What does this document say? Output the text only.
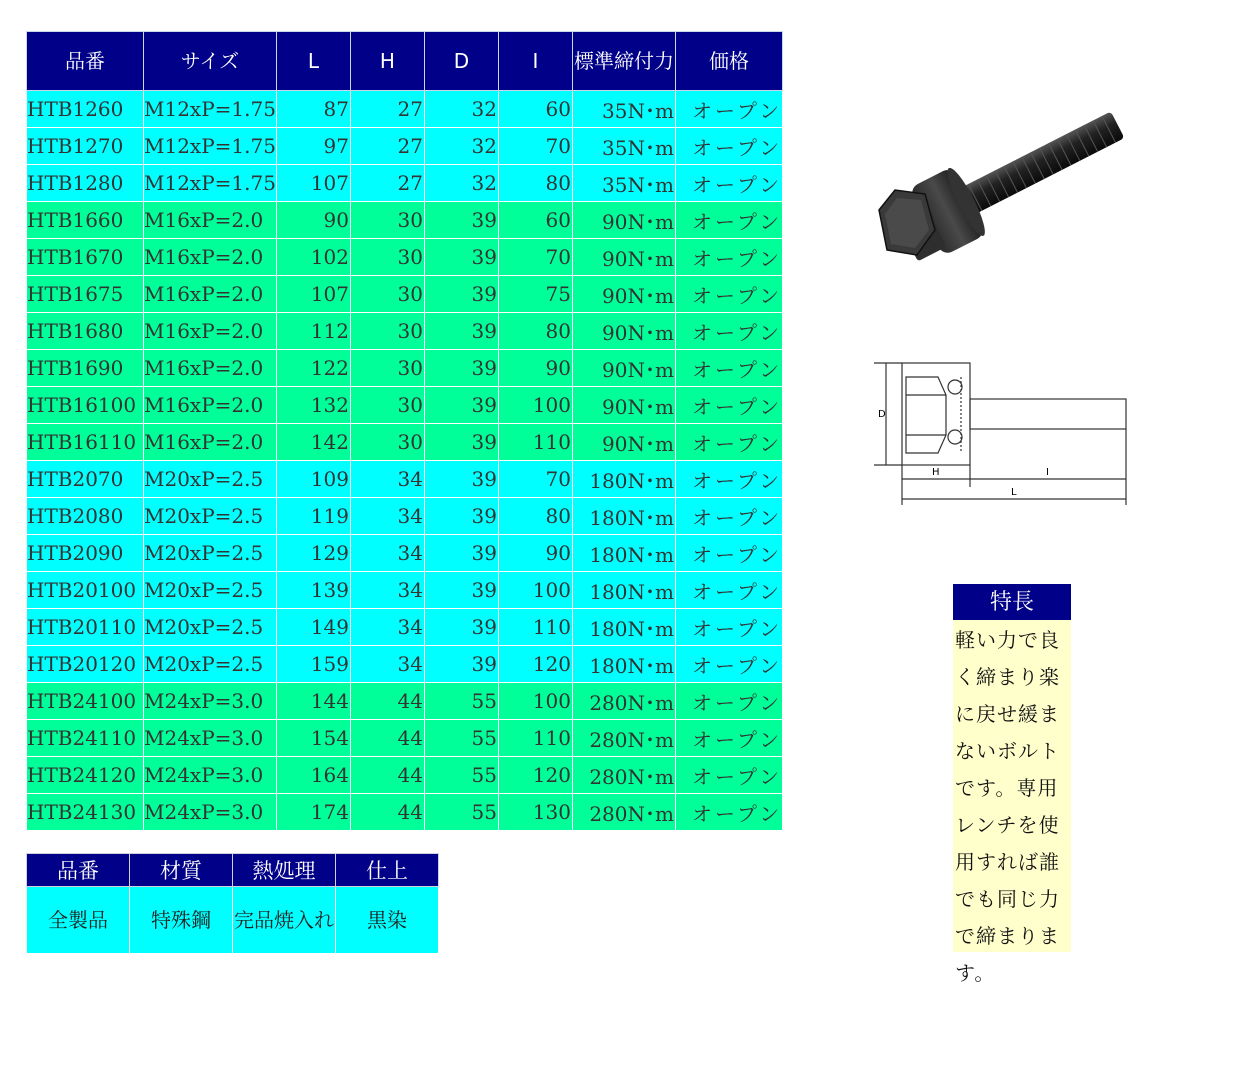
品番	サイズ	L	H	D	I	標準締付力	価格
HTB1260	M12xP=1.75	87	27	32	60	35N･m	オープン
HTB1270	M12xP=1.75	97	27	32	70	35N･m	オープン
HTB1280	M12xP=1.75	107	27	32	80	35N･m	オープン
HTB1660	M16xP=2.0	90	30	39	60	90N･m	オープン
HTB1670	M16xP=2.0	102	30	39	70	90N･m	オープン
HTB1675	M16xP=2.0	107	30	39	75	90N･m	オープン
HTB1680	M16xP=2.0	112	30	39	80	90N･m	オープン
HTB1690	M16xP=2.0	122	30	39	90	90N･m	オープン
HTB16100	M16xP=2.0	132	30	39	100	90N･m	オープン
HTB16110	M16xP=2.0	142	30	39	110	90N･m	オープン
HTB2070	M20xP=2.5	109	34	39	70	180N･m	オープン
HTB2080	M20xP=2.5	119	34	39	80	180N･m	オープン
HTB2090	M20xP=2.5	129	34	39	90	180N･m	オープン
HTB20100	M20xP=2.5	139	34	39	100	180N･m	オープン
HTB20110	M20xP=2.5	149	34	39	110	180N･m	オープン
HTB20120	M20xP=2.5	159	34	39	120	180N･m	オープン
HTB24100	M24xP=3.0	144	44	55	100	280N･m	オープン
HTB24110	M24xP=3.0	154	44	55	110	280N･m	オープン
HTB24120	M24xP=3.0	164	44	55	120	280N･m	オープン
HTB24130	M24xP=3.0	174	44	55	130	280N･m	オープン
品番	材質	熱処理	仕上
全製品	特殊鋼	完品焼入れ	黒染
D
H	I
L
特長
軽い力で良く締まり楽に戻せ緩まないボルトです。専用レンチを使用すれば誰でも同じ力で締まります。
